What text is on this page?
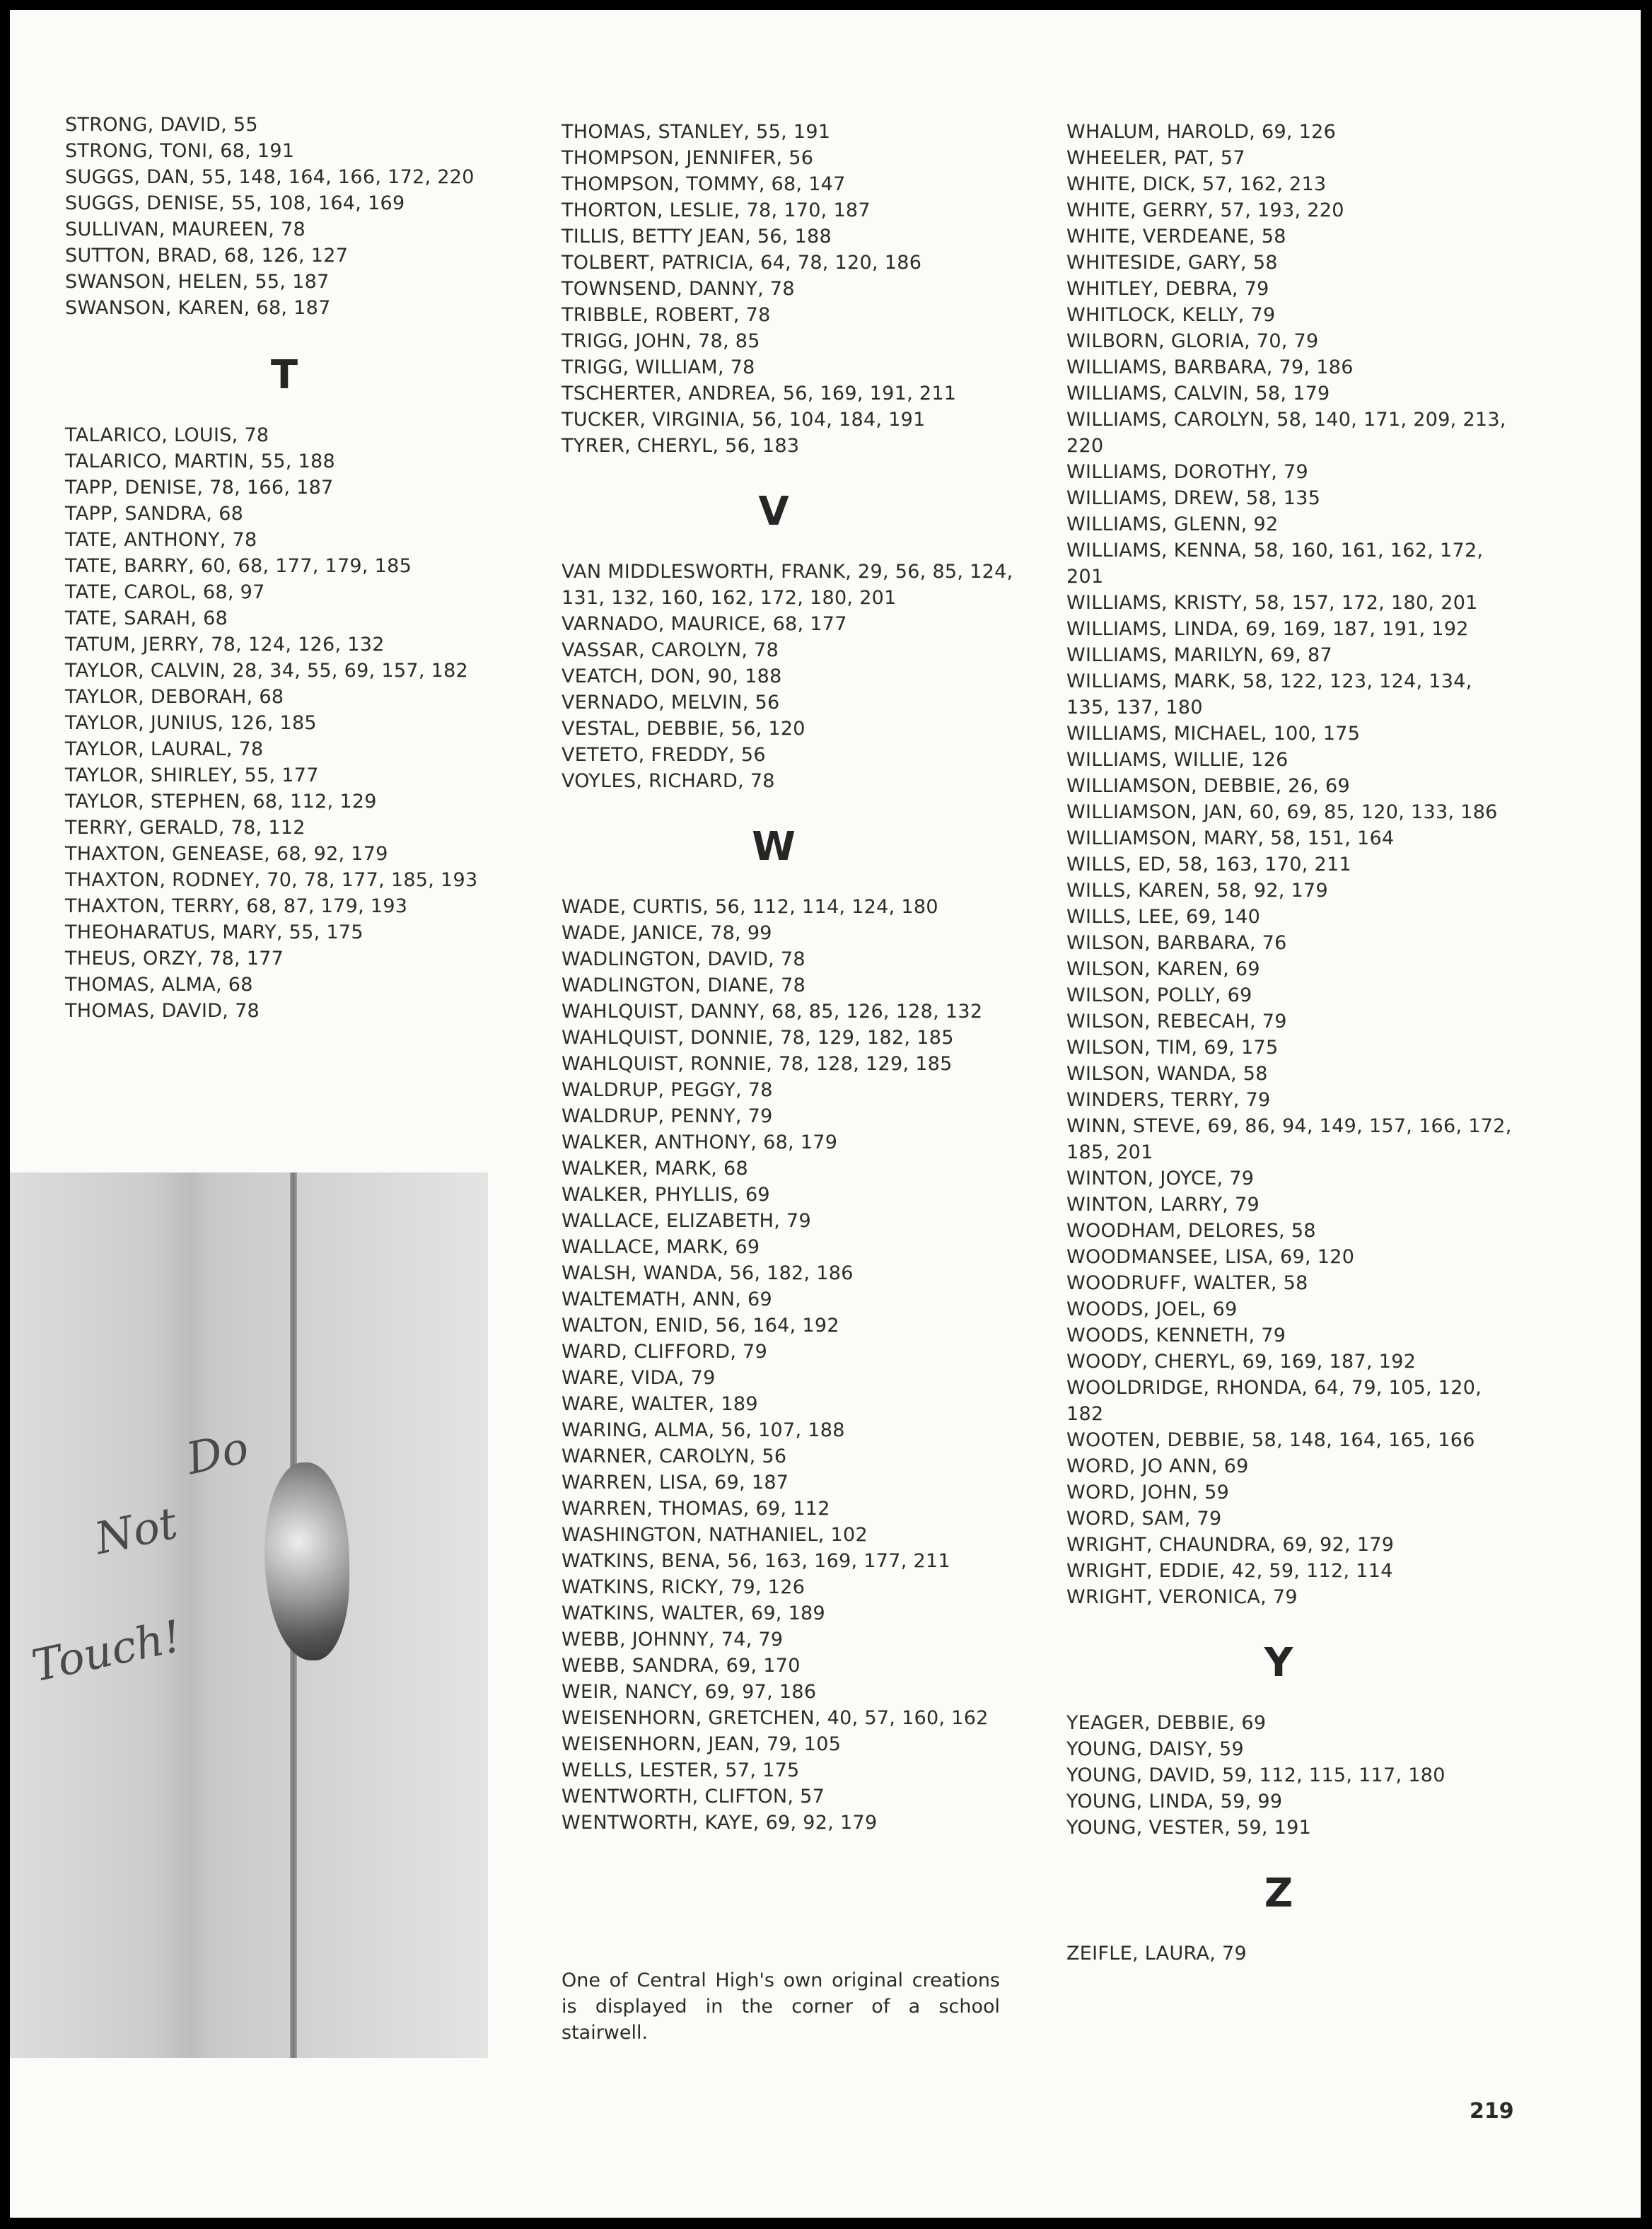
STRONG, DAVID, 55
STRONG, TONI, 68, 191
SUGGS, DAN, 55, 148, 164, 166, 172, 220
SUGGS, DENISE, 55, 108, 164, 169
SULLIVAN, MAUREEN, 78
SUTTON, BRAD, 68, 126, 127
SWANSON, HELEN, 55, 187
SWANSON, KAREN, 68, 187
T
TALARICO, LOUIS, 78
TALARICO, MARTIN, 55, 188
TAPP, DENISE, 78, 166, 187
TAPP, SANDRA, 68
TATE, ANTHONY, 78
TATE, BARRY, 60, 68, 177, 179, 185
TATE, CAROL, 68, 97
TATE, SARAH, 68
TATUM, JERRY, 78, 124, 126, 132
TAYLOR, CALVIN, 28, 34, 55, 69, 157, 182
TAYLOR, DEBORAH, 68
TAYLOR, JUNIUS, 126, 185
TAYLOR, LAURAL, 78
TAYLOR, SHIRLEY, 55, 177
TAYLOR, STEPHEN, 68, 112, 129
TERRY, GERALD, 78, 112
THAXTON, GENEASE, 68, 92, 179
THAXTON, RODNEY, 70, 78, 177, 185, 193
THAXTON, TERRY, 68, 87, 179, 193
THEOHARATUS, MARY, 55, 175
THEUS, ORZY, 78, 177
THOMAS, ALMA, 68
THOMAS, DAVID, 78
THOMAS, STANLEY, 55, 191
THOMPSON, JENNIFER, 56
THOMPSON, TOMMY, 68, 147
THORTON, LESLIE, 78, 170, 187
TILLIS, BETTY JEAN, 56, 188
TOLBERT, PATRICIA, 64, 78, 120, 186
TOWNSEND, DANNY, 78
TRIBBLE, ROBERT, 78
TRIGG, JOHN, 78, 85
TRIGG, WILLIAM, 78
TSCHERTER, ANDREA, 56, 169, 191, 211
TUCKER, VIRGINIA, 56, 104, 184, 191
TYRER, CHERYL, 56, 183
V
VAN MIDDLESWORTH, FRANK, 29, 56, 85, 124, 131, 132, 160, 162, 172, 180, 201
VARNADO, MAURICE, 68, 177
VASSAR, CAROLYN, 78
VEATCH, DON, 90, 188
VERNADO, MELVIN, 56
VESTAL, DEBBIE, 56, 120
VETETO, FREDDY, 56
VOYLES, RICHARD, 78
W
WADE, CURTIS, 56, 112, 114, 124, 180
WADE, JANICE, 78, 99
WADLINGTON, DAVID, 78
WADLINGTON, DIANE, 78
WAHLQUIST, DANNY, 68, 85, 126, 128, 132
WAHLQUIST, DONNIE, 78, 129, 182, 185
WAHLQUIST, RONNIE, 78, 128, 129, 185
WALDRUP, PEGGY, 78
WALDRUP, PENNY, 79
WALKER, ANTHONY, 68, 179
WALKER, MARK, 68
WALKER, PHYLLIS, 69
WALLACE, ELIZABETH, 79
WALLACE, MARK, 69
WALSH, WANDA, 56, 182, 186
WALTEMATH, ANN, 69
WALTON, ENID, 56, 164, 192
WARD, CLIFFORD, 79
WARE, VIDA, 79
WARE, WALTER, 189
WARING, ALMA, 56, 107, 188
WARNER, CAROLYN, 56
WARREN, LISA, 69, 187
WARREN, THOMAS, 69, 112
WASHINGTON, NATHANIEL, 102
WATKINS, BENA, 56, 163, 169, 177, 211
WATKINS, RICKY, 79, 126
WATKINS, WALTER, 69, 189
WEBB, JOHNNY, 74, 79
WEBB, SANDRA, 69, 170
WEIR, NANCY, 69, 97, 186
WEISENHORN, GRETCHEN, 40, 57, 160, 162
WEISENHORN, JEAN, 79, 105
WELLS, LESTER, 57, 175
WENTWORTH, CLIFTON, 57
WENTWORTH, KAYE, 69, 92, 179
WHALUM, HAROLD, 69, 126
WHEELER, PAT, 57
WHITE, DICK, 57, 162, 213
WHITE, GERRY, 57, 193, 220
WHITE, VERDEANE, 58
WHITESIDE, GARY, 58
WHITLEY, DEBRA, 79
WHITLOCK, KELLY, 79
WILBORN, GLORIA, 70, 79
WILLIAMS, BARBARA, 79, 186
WILLIAMS, CALVIN, 58, 179
WILLIAMS, CAROLYN, 58, 140, 171, 209, 213, 220
WILLIAMS, DOROTHY, 79
WILLIAMS, DREW, 58, 135
WILLIAMS, GLENN, 92
WILLIAMS, KENNA, 58, 160, 161, 162, 172, 201
WILLIAMS, KRISTY, 58, 157, 172, 180, 201
WILLIAMS, LINDA, 69, 169, 187, 191, 192
WILLIAMS, MARILYN, 69, 87
WILLIAMS, MARK, 58, 122, 123, 124, 134, 135, 137, 180
WILLIAMS, MICHAEL, 100, 175
WILLIAMS, WILLIE, 126
WILLIAMSON, DEBBIE, 26, 69
WILLIAMSON, JAN, 60, 69, 85, 120, 133, 186
WILLIAMSON, MARY, 58, 151, 164
WILLS, ED, 58, 163, 170, 211
WILLS, KAREN, 58, 92, 179
WILLS, LEE, 69, 140
WILSON, BARBARA, 76
WILSON, KAREN, 69
WILSON, POLLY, 69
WILSON, REBECAH, 79
WILSON, TIM, 69, 175
WILSON, WANDA, 58
WINDERS, TERRY, 79
WINN, STEVE, 69, 86, 94, 149, 157, 166, 172, 185, 201
WINTON, JOYCE, 79
WINTON, LARRY, 79
WOODHAM, DELORES, 58
WOODMANSEE, LISA, 69, 120
WOODRUFF, WALTER, 58
WOODS, JOEL, 69
WOODS, KENNETH, 79
WOODY, CHERYL, 69, 169, 187, 192
WOOLDRIDGE, RHONDA, 64, 79, 105, 120, 182
WOOTEN, DEBBIE, 58, 148, 164, 165, 166
WORD, JO ANN, 69
WORD, JOHN, 59
WORD, SAM, 79
WRIGHT, CHAUNDRA, 69, 92, 179
WRIGHT, EDDIE, 42, 59, 112, 114
WRIGHT, VERONICA, 79
Y
YEAGER, DEBBIE, 69
YOUNG, DAISY, 59
YOUNG, DAVID, 59, 112, 115, 117, 180
YOUNG, LINDA, 59, 99
YOUNG, VESTER, 59, 191
Z
ZEIFLE, LAURA, 79
Do
Not
Touch!
One of Central High's own original creations is displayed in the corner of a school stairwell.
219
